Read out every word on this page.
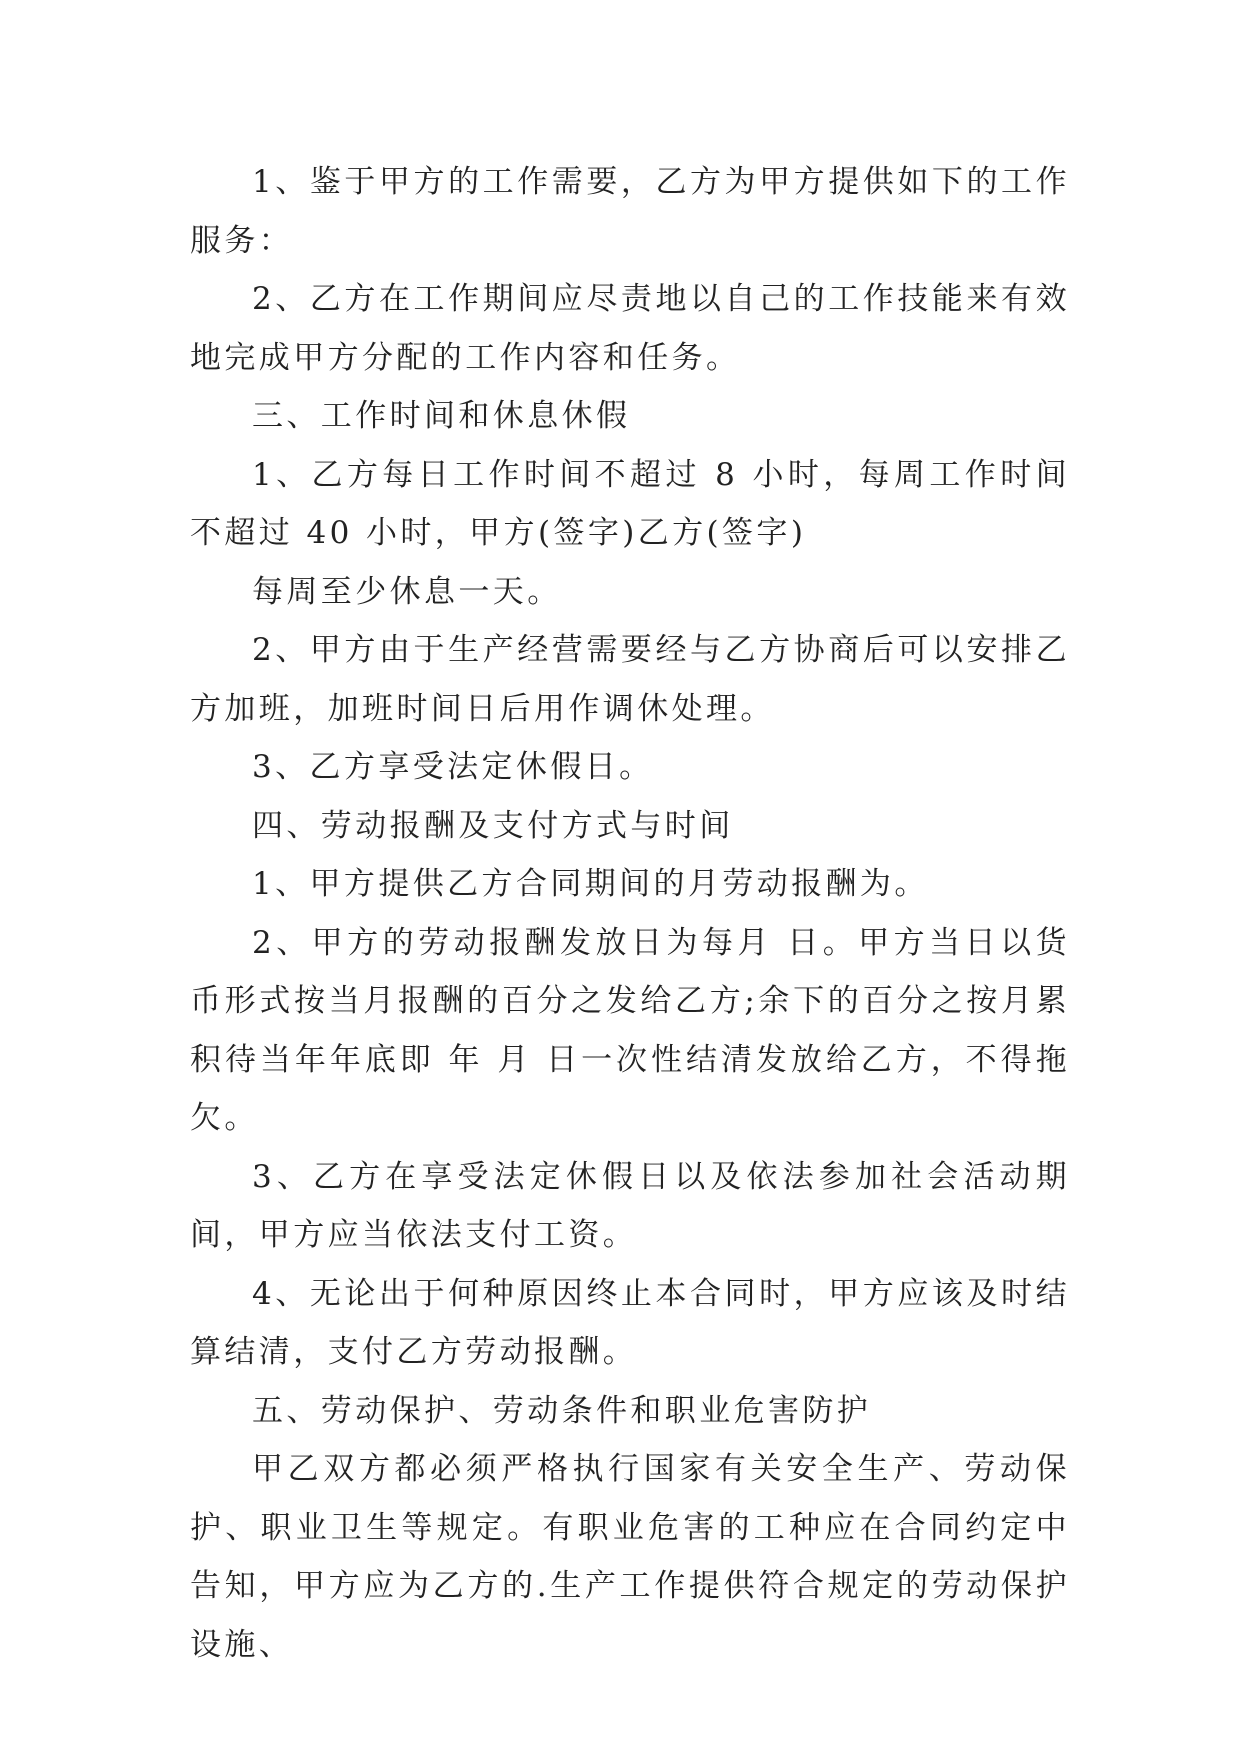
1、鉴于甲方的工作需要，乙方为甲方提供如下的工作服务：

2、乙方在工作期间应尽责地以自己的工作技能来有效地完成甲方分配的工作内容和任务。

三、工作时间和休息休假

1、乙方每日工作时间不超过 8 小时，每周工作时间不超过 40 小时，甲方(签字)乙方(签字)

每周至少休息一天。

2、甲方由于生产经营需要经与乙方协商后可以安排乙方加班，加班时间日后用作调休处理。

3、乙方享受法定休假日。

四、劳动报酬及支付方式与时间

1、甲方提供乙方合同期间的月劳动报酬为。

2、甲方的劳动报酬发放日为每月 日。甲方当日以货币形式按当月报酬的百分之发给乙方;余下的百分之按月累积待当年年底即 年 月 日一次性结清发放给乙方，不得拖欠。

3、乙方在享受法定休假日以及依法参加社会活动期间，甲方应当依法支付工资。

4、无论出于何种原因终止本合同时，甲方应该及时结算结清，支付乙方劳动报酬。

五、劳动保护、劳动条件和职业危害防护

甲乙双方都必须严格执行国家有关安全生产、劳动保护、职业卫生等规定。有职业危害的工种应在合同约定中告知，甲方应为乙方的.生产工作提供符合规定的劳动保护设施、
